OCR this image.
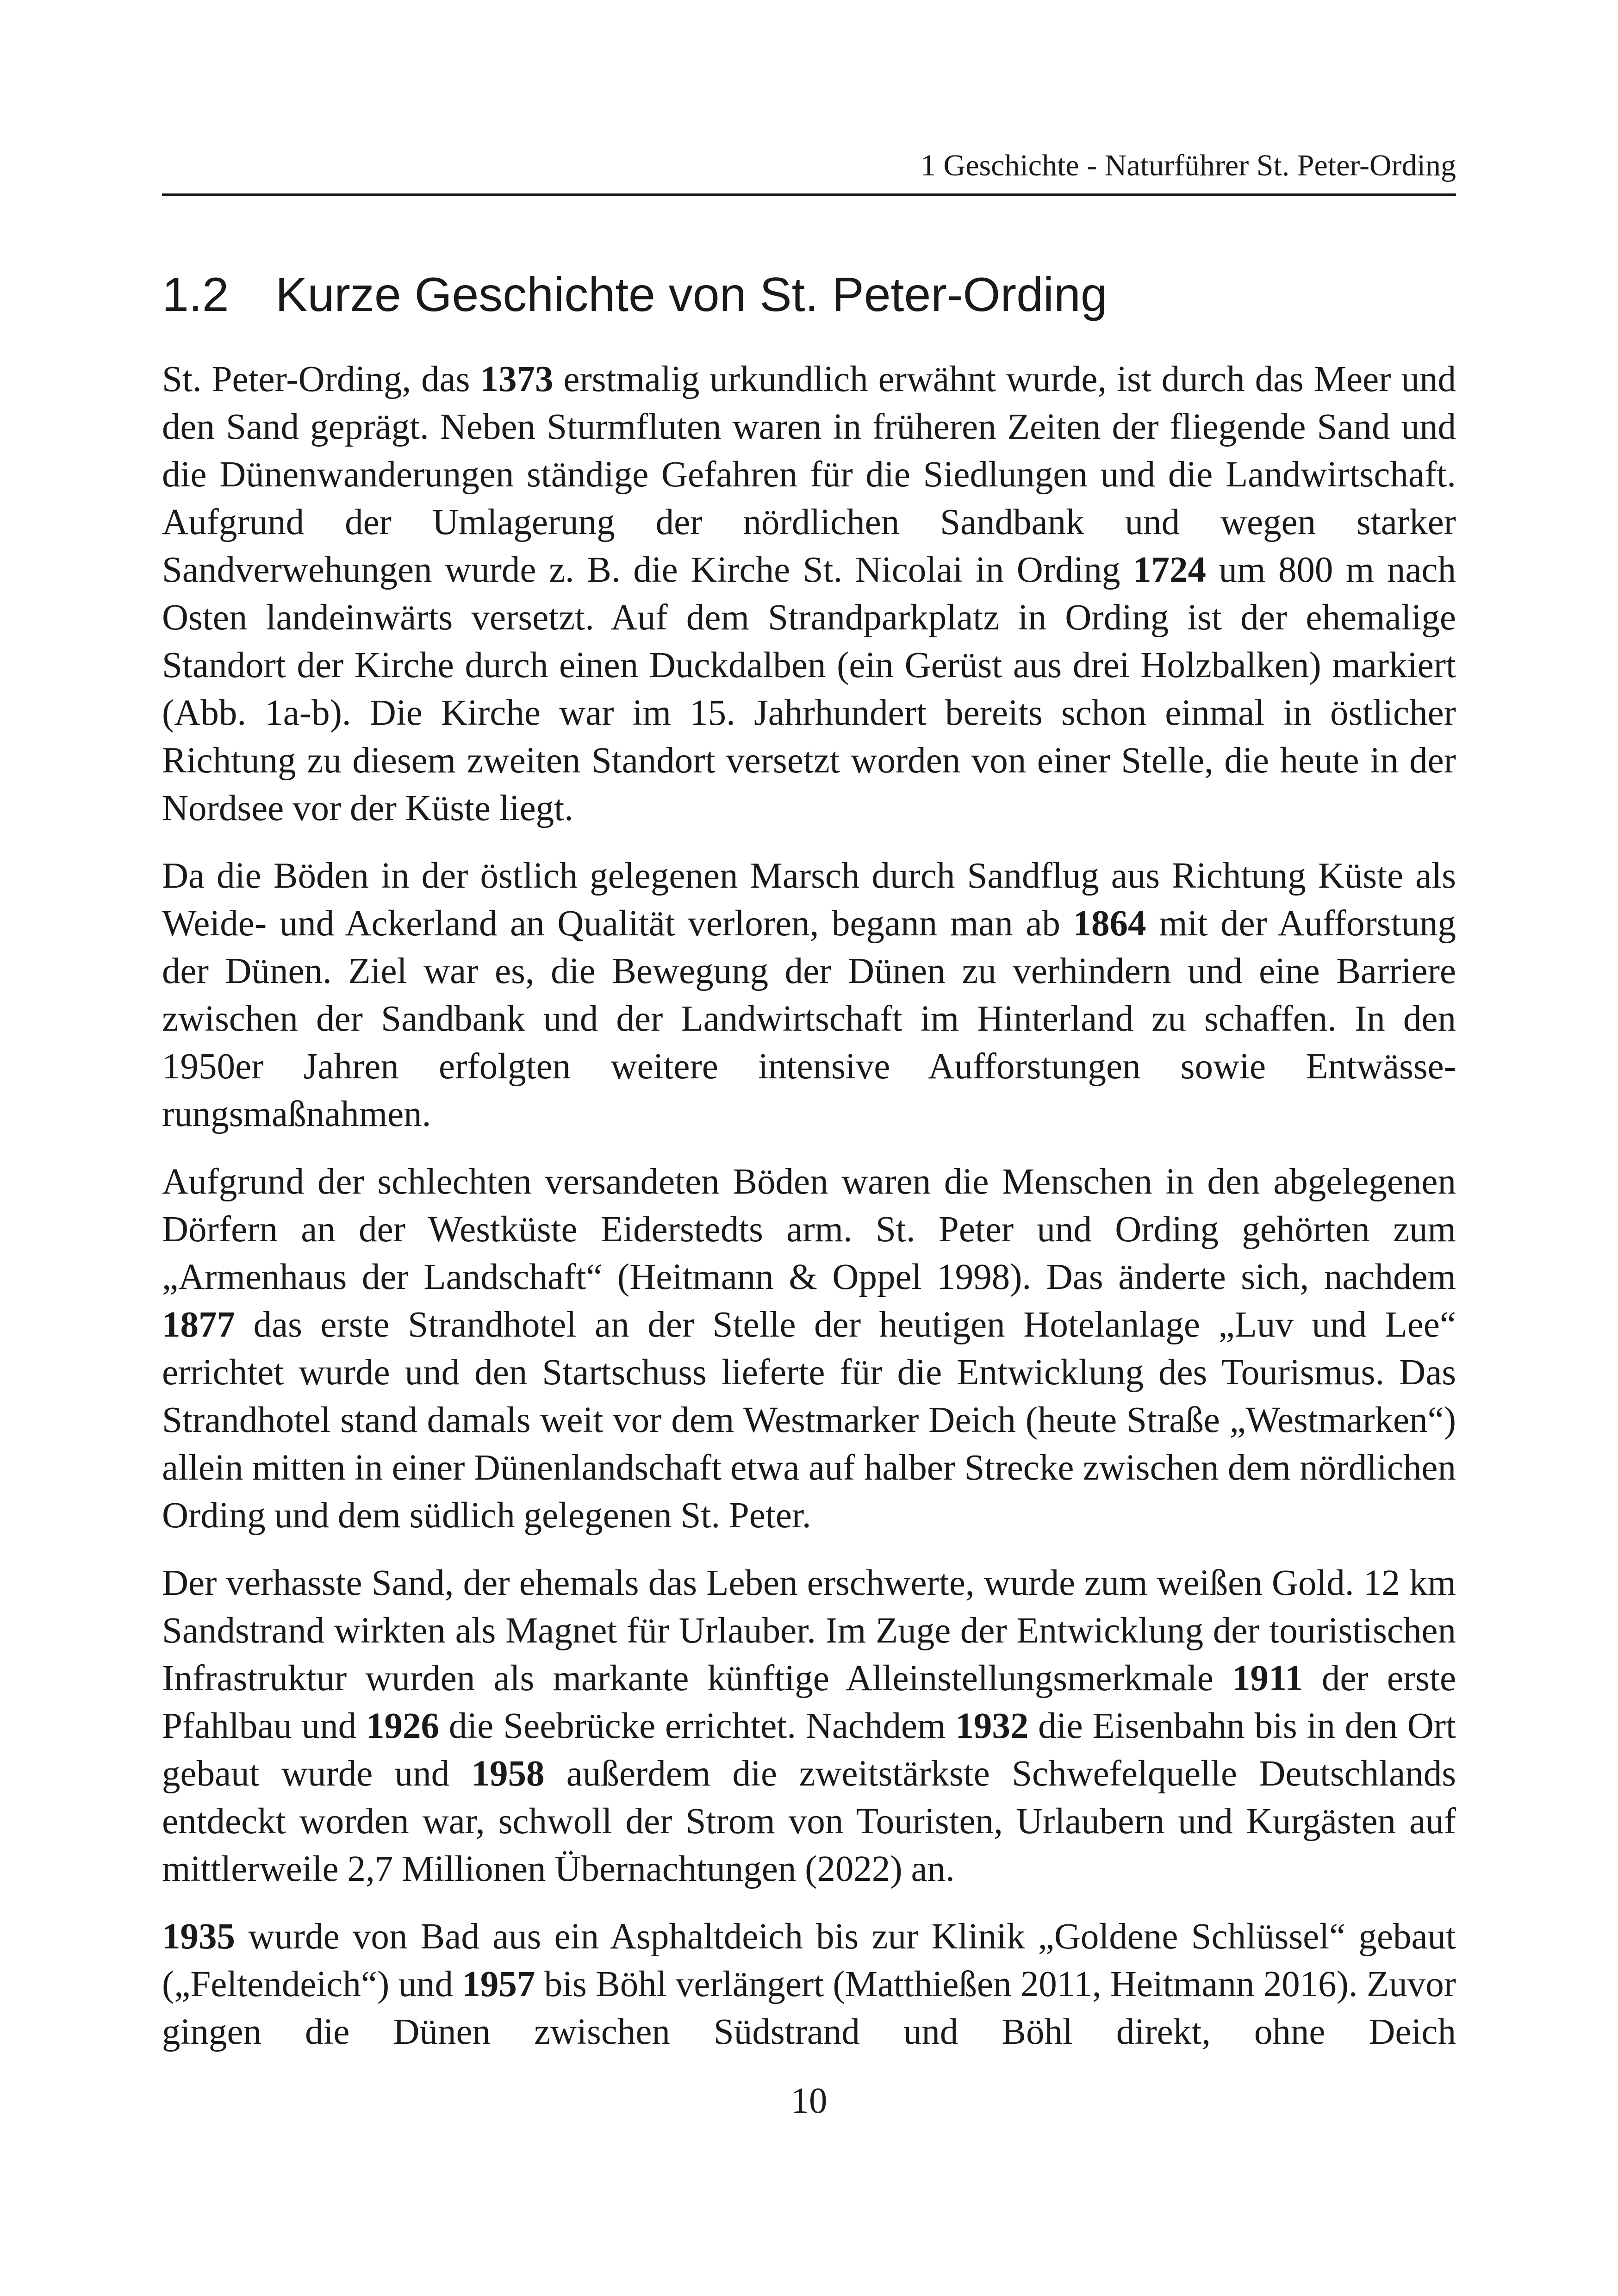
1 Geschichte - Naturführer St. Peter-Ording
1.2 Kurze Geschichte von St. Peter-Ording

St. Peter-Ording, das 1373 erstmalig urkundlich erwähnt wurde, ist durch das Meer und den Sand geprägt. Neben Sturmfluten waren in früheren Zeiten der fliegende Sand und die Dünenwanderungen ständige Gefahren für die Siedlungen und die Landwirtschaft. Aufgrund der Umlagerung der nördlichen Sandbank und wegen starker Sandverwehungen wurde z. B. die Kirche St. Nicolai in Ording 1724 um 800 m nach Osten landeinwärts versetzt. Auf dem Strandparkplatz in Ording ist der ehemalige Standort der Kirche durch einen Duckdalben (ein Gerüst aus drei Holzbalken) markiert (Abb. 1a-b). Die Kirche war im 15. Jahrhundert bereits schon einmal in östlicher Richtung zu diesem zweiten Standort versetzt worden von einer Stelle, die heute in der Nordsee vor der Küste liegt.

Da die Böden in der östlich gelegenen Marsch durch Sandflug aus Richtung Küste als Weide- und Ackerland an Qualität verloren, begann man ab 1864 mit der Aufforstung der Dünen. Ziel war es, die Bewegung der Dünen zu verhindern und eine Barriere zwischen der Sandbank und der Landwirtschaft im Hinterland zu schaffen. In den 1950er Jahren erfolgten weitere intensive Aufforstungen sowie Entwässerungsmaßnahmen.

Aufgrund der schlechten versandeten Böden waren die Menschen in den abgelegenen Dörfern an der Westküste Eiderstedts arm. St. Peter und Ording gehörten zum „Armenhaus der Landschaft“ (Heitmann & Oppel 1998). Das änderte sich, nachdem 1877 das erste Strandhotel an der Stelle der heutigen Hotelanlage „Luv und Lee“ errichtet wurde und den Startschuss lieferte für die Entwicklung des Tourismus. Das Strandhotel stand damals weit vor dem Westmarker Deich (heute Straße „Westmarken“) allein mitten in einer Dünenlandschaft etwa auf halber Strecke zwischen dem nördlichen Ording und dem südlich gelegenen St. Peter.

Der verhasste Sand, der ehemals das Leben erschwerte, wurde zum weißen Gold. 12 km Sandstrand wirkten als Magnet für Urlauber. Im Zuge der Entwicklung der touristischen Infrastruktur wurden als markante künftige Alleinstellungsmerkmale 1911 der erste Pfahlbau und 1926 die Seebrücke errichtet. Nachdem 1932 die Eisenbahn bis in den Ort gebaut wurde und 1958 außerdem die zweitstärkste Schwefelquelle Deutschlands entdeckt worden war, schwoll der Strom von Touristen, Urlaubern und Kurgästen auf mittlerweile 2,7 Millionen Übernachtungen (2022) an.

1935 wurde von Bad aus ein Asphaltdeich bis zur Klinik „Goldene Schlüssel“ gebaut („Feltendeich“) und 1957 bis Böhl verlängert (Matthießen 2011, Heitmann 2016). Zuvor gingen die Dünen zwischen Südstrand und Böhl direkt, ohne Deich

10
